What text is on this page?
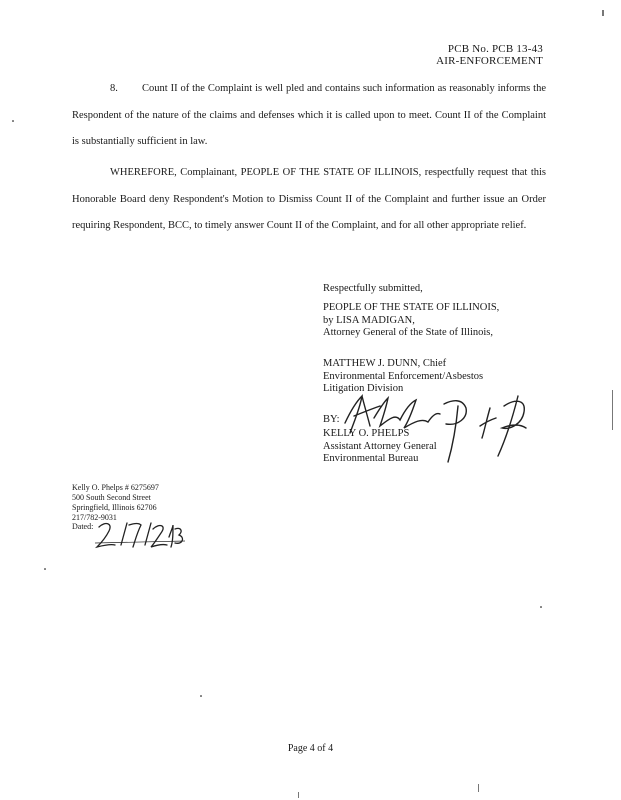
PCB No. PCB 13-43
AIR-ENFORCEMENT
8. Count II of the Complaint is well pled and contains such information as reasonably informs the Respondent of the nature of the claims and defenses which it is called upon to meet. Count II of the Complaint is substantially sufficient in law.
WHEREFORE, Complainant, PEOPLE OF THE STATE OF ILLINOIS, respectfully request that this Honorable Board deny Respondent's Motion to Dismiss Count II of the Complaint and further issue an Order requiring Respondent, BCC, to timely answer Count II of the Complaint, and for all other appropriate relief.
Respectfully submitted,
PEOPLE OF THE STATE OF ILLINOIS,
by LISA MADIGAN,
Attorney General of the State of Illinois,
MATTHEW J. DUNN, Chief
Environmental Enforcement/Asbestos
Litigation Division
BY:
KELLY O. PHELPS
Assistant Attorney General
Environmental Bureau
Kelly O. Phelps # 6275697
500 South Second Street
Springfield, Illinois 62706
217/782-9031
Dated:
Page 4 of 4
